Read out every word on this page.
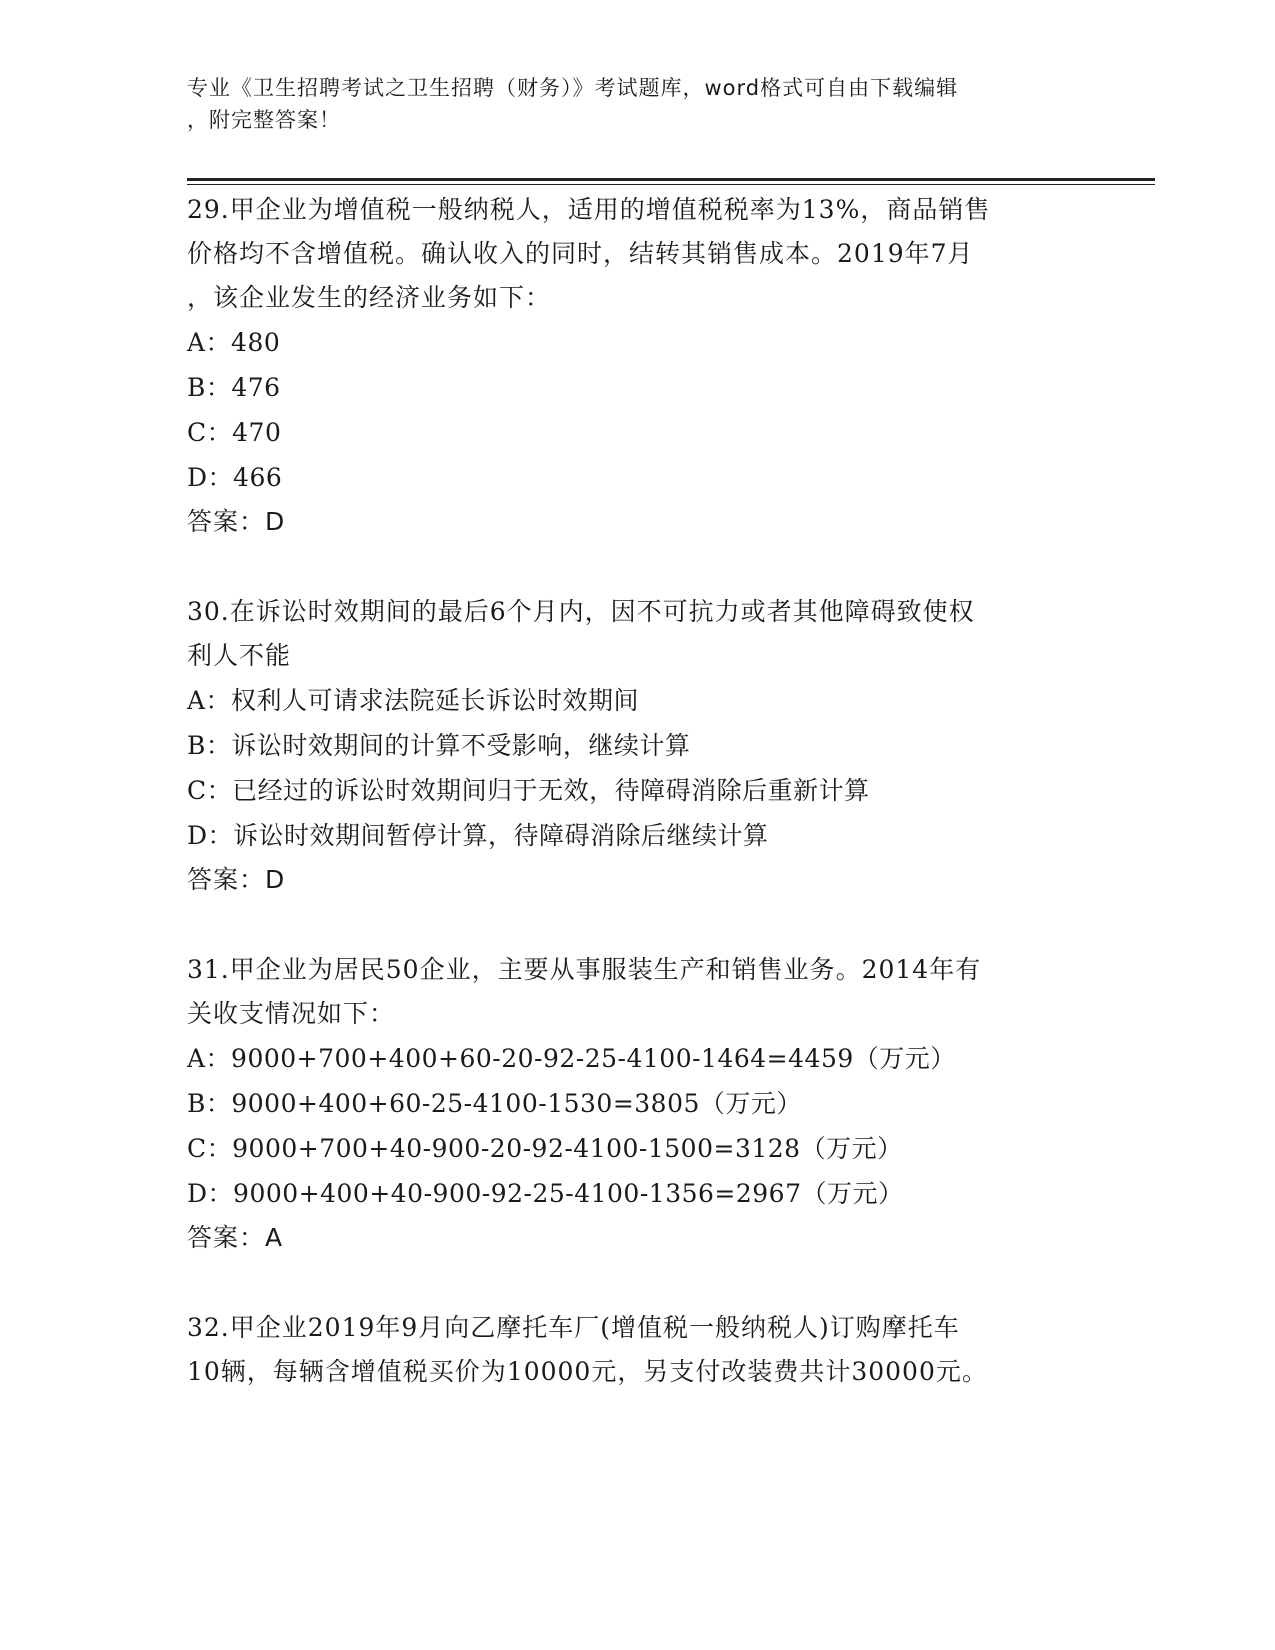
专业《卫生招聘考试之卫生招聘（财务）》考试题库，word格式可自由下载编辑
，附完整答案！

29.甲企业为增值税一般纳税人，适用的增值税税率为13%，商品销售

价格均不含增值税。确认收入的同时，结转其销售成本。2019年7月

，该企业发生的经济业务如下：

A：480

B：476

C：470

D：466

答案：D

30.在诉讼时效期间的最后6个月内，因不可抗力或者其他障碍致使权

利人不能

A：权利人可请求法院延长诉讼时效期间

B：诉讼时效期间的计算不受影响，继续计算

C：已经过的诉讼时效期间归于无效，待障碍消除后重新计算

D：诉讼时效期间暂停计算，待障碍消除后继续计算

答案：D

31.甲企业为居民50企业，主要从事服装生产和销售业务。2014年有

关收支情况如下：

A：9000+700+400+60-20-92-25-4100-1464=4459（万元）

B：9000+400+60-25-4100-1530=3805（万元）

C：9000+700+40-900-20-92-4100-1500=3128（万元）

D：9000+400+40-900-92-25-4100-1356=2967（万元）

答案：A

32.甲企业2019年9月向乙摩托车厂(增值税一般纳税人)订购摩托车

10辆，每辆含增值税买价为10000元，另支付改装费共计30000元。
